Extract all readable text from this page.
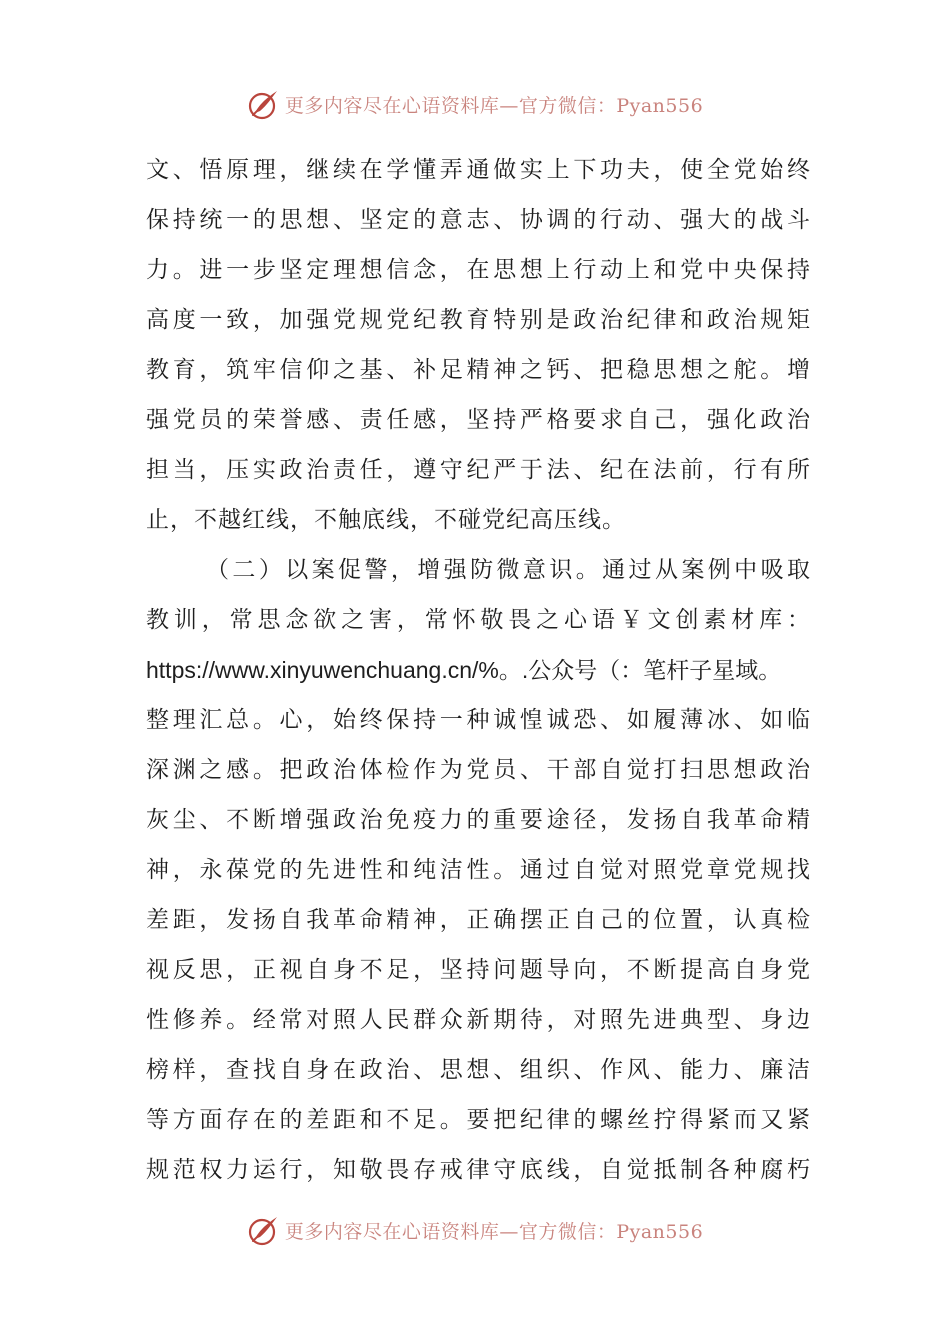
更多内容尽在心语资料库—官方微信：Pyan556
文、悟原理，继续在学懂弄通做实上下功夫，使全党始终
保持统一的思想、坚定的意志、协调的行动、强大的战斗
力。进一步坚定理想信念，在思想上行动上和党中央保持
高度一致，加强党规党纪教育特别是政治纪律和政治规矩
教育，筑牢信仰之基、补足精神之钙、把稳思想之舵。增
强党员的荣誉感、责任感，坚持严格要求自己，强化政治
担当，压实政治责任，遵守纪严于法、纪在法前，行有所
止，不越红线，不触底线，不碰党纪高压线。
（二）以案促警，增强防微意识。通过从案例中吸取
教训，常思念欲之害，常怀敬畏之心语￥文创素材库：
https://www.xinyuwenchuang.cn/%。.公众号（：笔杆子星域。
整理汇总。心，始终保持一种诚惶诚恐、如履薄冰、如临
深渊之感。把政治体检作为党员、干部自觉打扫思想政治
灰尘、不断增强政治免疫力的重要途径，发扬自我革命精
神，永葆党的先进性和纯洁性。通过自觉对照党章党规找
差距，发扬自我革命精神，正确摆正自己的位置，认真检
视反思，正视自身不足，坚持问题导向，不断提高自身党
性修养。经常对照人民群众新期待，对照先进典型、身边
榜样，查找自身在政治、思想、组织、作风、能力、廉洁
等方面存在的差距和不足。要把纪律的螺丝拧得紧而又紧
规范权力运行，知敬畏存戒律守底线，自觉抵制各种腐朽
更多内容尽在心语资料库—官方微信：Pyan556
